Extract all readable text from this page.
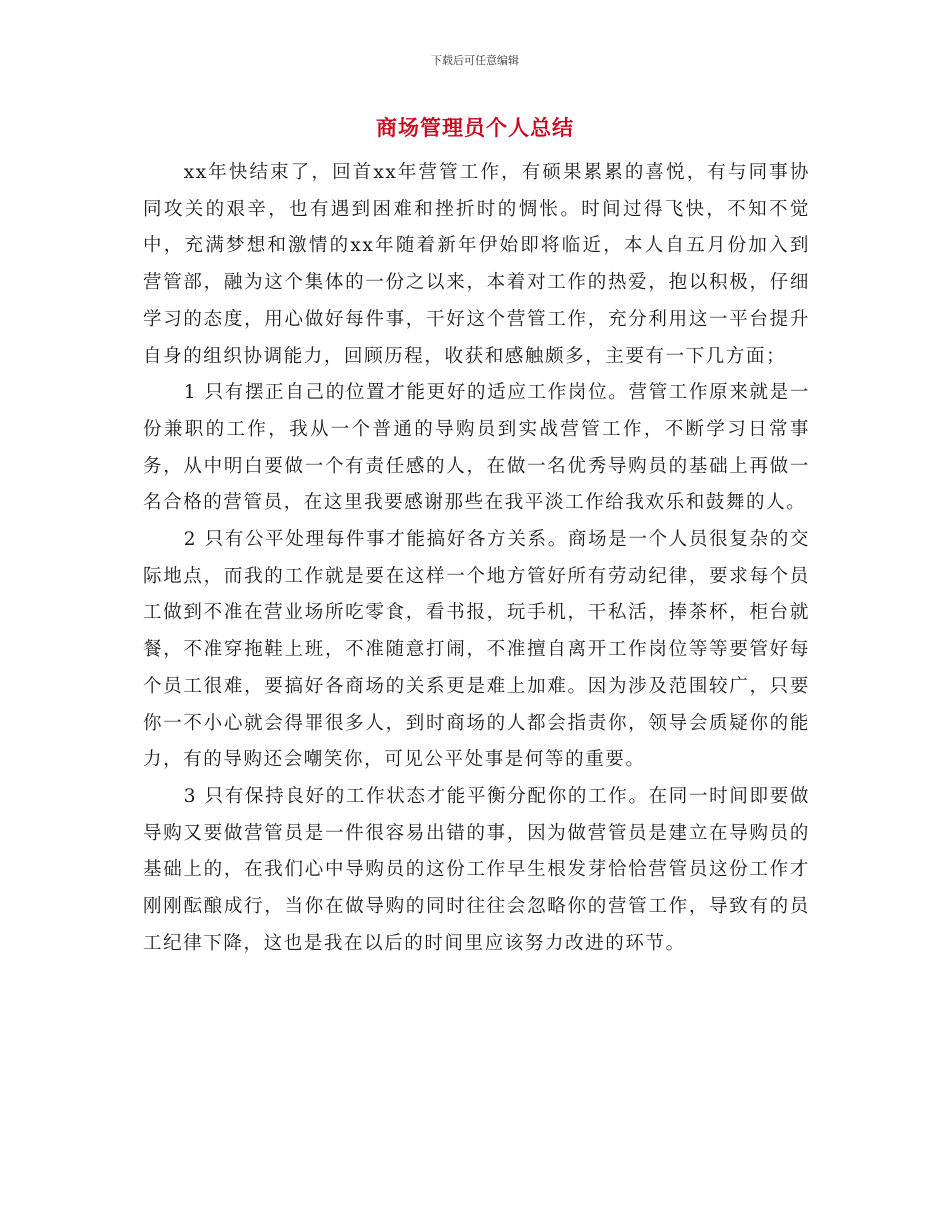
下载后可任意编辑
商场管理员个人总结

xx年快结束了，回首xx年营管工作，有硕果累累的喜悦，有与同事协同攻关的艰辛，也有遇到困难和挫折时的惆怅。时间过得飞快，不知不觉中，充满梦想和激情的xx年随着新年伊始即将临近，本人自五月份加入到营管部，融为这个集体的一份之以来，本着对工作的热爱，抱以积极，仔细学习的态度，用心做好每件事，干好这个营管工作，充分利用这一平台提升自身的组织协调能力，回顾历程，收获和感触颇多，主要有一下几方面；

1 只有摆正自己的位置才能更好的适应工作岗位。营管工作原来就是一份兼职的工作，我从一个普通的导购员到实战营管工作，不断学习日常事务，从中明白要做一个有责任感的人，在做一名优秀导购员的基础上再做一名合格的营管员，在这里我要感谢那些在我平淡工作给我欢乐和鼓舞的人。

2 只有公平处理每件事才能搞好各方关系。商场是一个人员很复杂的交际地点，而我的工作就是要在这样一个地方管好所有劳动纪律，要求每个员工做到不准在营业场所吃零食，看书报，玩手机，干私活，捧茶杯，柜台就餐，不准穿拖鞋上班，不准随意打闹，不准擅自离开工作岗位等等要管好每个员工很难，要搞好各商场的关系更是难上加难。因为涉及范围较广，只要你一不小心就会得罪很多人，到时商场的人都会指责你，领导会质疑你的能力，有的导购还会嘲笑你，可见公平处事是何等的重要。

3 只有保持良好的工作状态才能平衡分配你的工作。在同一时间即要做导购又要做营管员是一件很容易出错的事，因为做营管员是建立在导购员的基础上的，在我们心中导购员的这份工作早生根发芽恰恰营管员这份工作才刚刚酝酿成行，当你在做导购的同时往往会忽略你的营管工作，导致有的员工纪律下降，这也是我在以后的时间里应该努力改进的环节。
